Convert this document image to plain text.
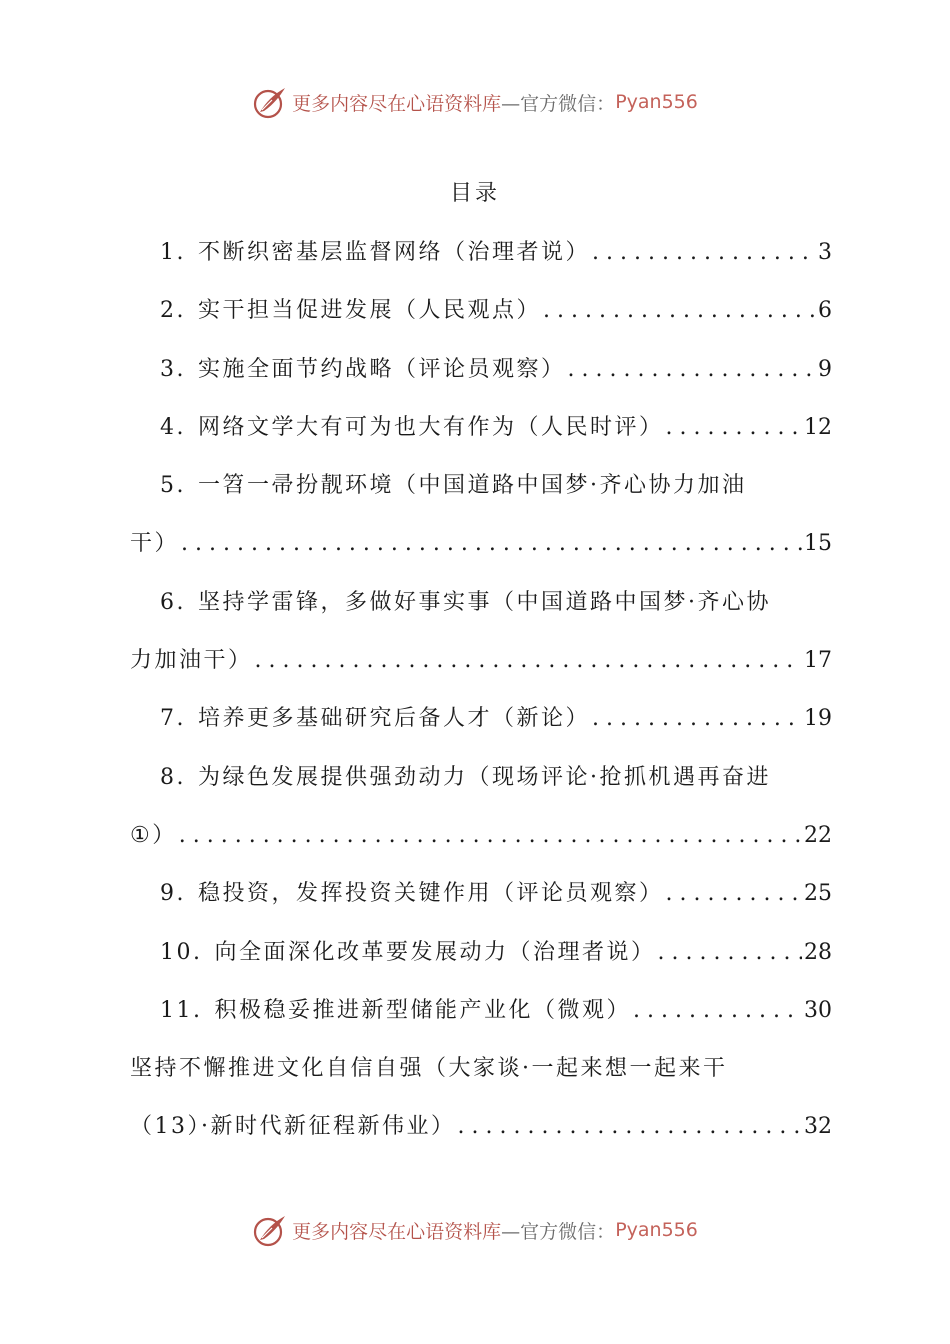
更多内容尽在心语资料库—官方微信： Pyan556
目录
1. 不断织密基层监督网络（治理者说） .....	3
2. 实干担当促进发展（人民观点） .....	6
3. 实施全面节约战略（评论员观察） .....	9
4. 网络文学大有可为也大有作为（人民时评） .....	12
5. 一笤一帚扮靓环境（中国道路中国梦·齐心协力加油
干） .....	15
6. 坚持学雷锋，多做好事实事（中国道路中国梦·齐心协
力加油干） .....	17
7. 培养更多基础研究后备人才（新论） .....	19
8. 为绿色发展提供强劲动力（现场评论·抢抓机遇再奋进
①） .....	22
9. 稳投资，发挥投资关键作用（评论员观察） .....	25
10. 向全面深化改革要发展动力（治理者说） .....	28
11. 积极稳妥推进新型储能产业化（微观） .....	30
坚持不懈推进文化自信自强（大家谈·一起来想一起来干
（13）·新时代新征程新伟业） .....	32
更多内容尽在心语资料库—官方微信： Pyan556
